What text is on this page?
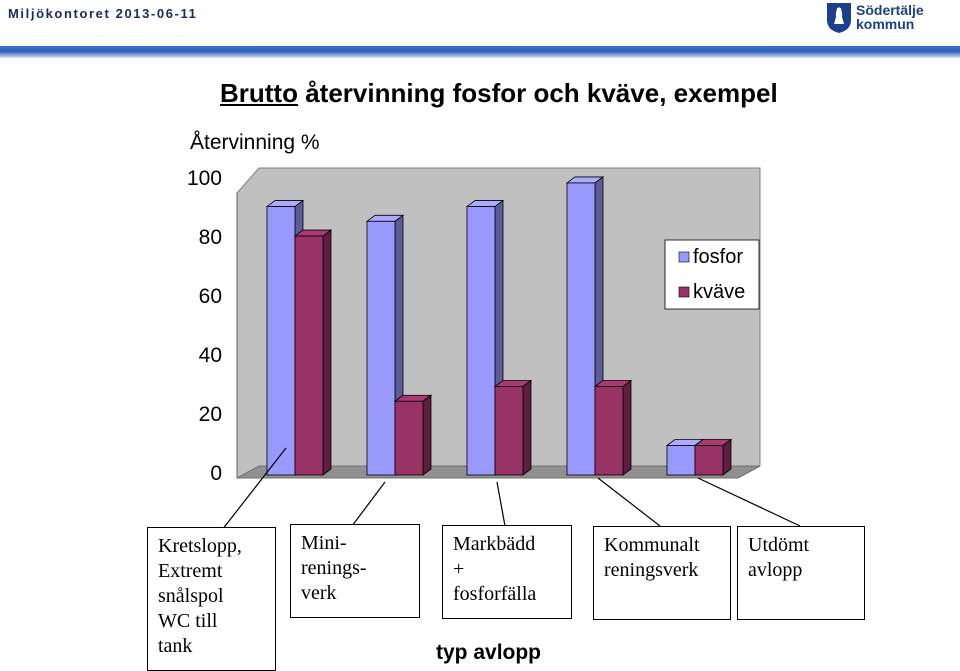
Miljökontoret 2013-06-11	Södertälje
kommun
Brutto återvinning fosfor och kväve, exempel
Återvinning %
100
80
60
40
20
0
fosfor
kväve
Kretslopp,
Extremt
snålspol
WC till
tank
Mini-
renings-
verk
Markbädd
+
fosforfälla
Kommunalt
reningsverk
Utdömt
avlopp
typ avlopp
